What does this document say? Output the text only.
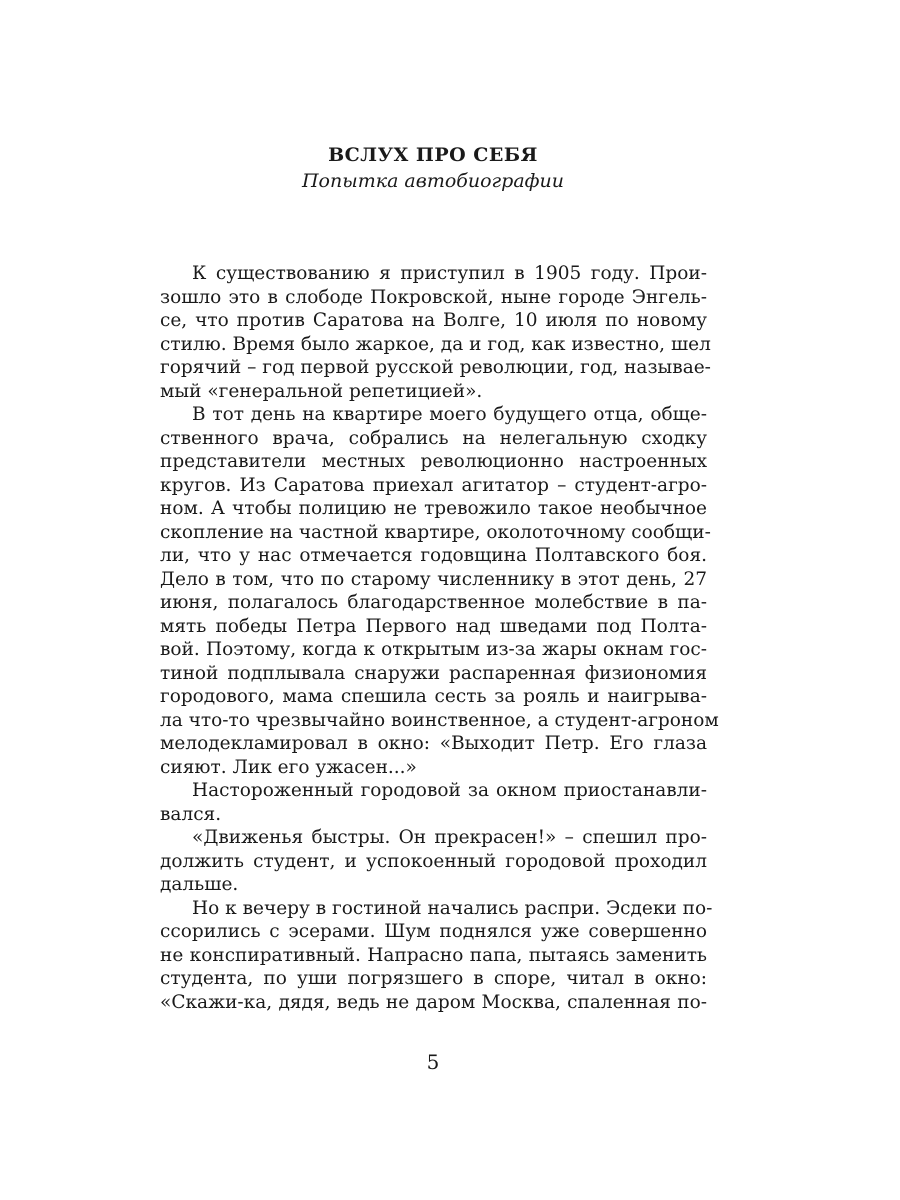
ВСЛУХ ПРО СЕБЯ
Попытка автобиографии
К существованию я приступил в 1905 году. Прои-
зошло это в слободе Покровской, ныне городе Энгель-
се, что против Саратова на Волге, 10 июля по новому
стилю. Время было жаркое, да и год, как известно, шел
горячий – год первой русской революции, год, называе-
мый «генеральной репетицией».
В тот день на квартире моего будущего отца, обще-
ственного врача, собрались на нелегальную сходку
представители местных революционно настроенных
кругов. Из Саратова приехал агитатор – студент-агро-
ном. А чтобы полицию не тревожило такое необычное
скопление на частной квартире, околоточному сообщи-
ли, что у нас отмечается годовщина Полтавского боя.
Дело в том, что по старому численнику в этот день, 27
июня, полагалось благодарственное молебствие в па-
мять победы Петра Первого над шведами под Полта-
вой. Поэтому, когда к открытым из-за жары окнам гос-
тиной подплывала снаружи распаренная физиономия
городового, мама спешила сесть за рояль и наигрыва-
ла что-то чрезвычайно воинственное, а студент-агроном
мелодекламировал в окно: «Выходит Петр. Его глаза
сияют. Лик его ужасен...»
Настороженный городовой за окном приостанавли-
вался.
«Движенья быстры. Он прекрасен!» – спешил про-
должить студент, и успокоенный городовой проходил
дальше.
Но к вечеру в гостиной начались распри. Эсдеки по-
ссорились с эсерами. Шум поднялся уже совершенно
не конспиративный. Напрасно папа, пытаясь заменить
студента, по уши погрязшего в споре, читал в окно:
«Скажи-ка, дядя, ведь не даром Москва, спаленная по-
5
